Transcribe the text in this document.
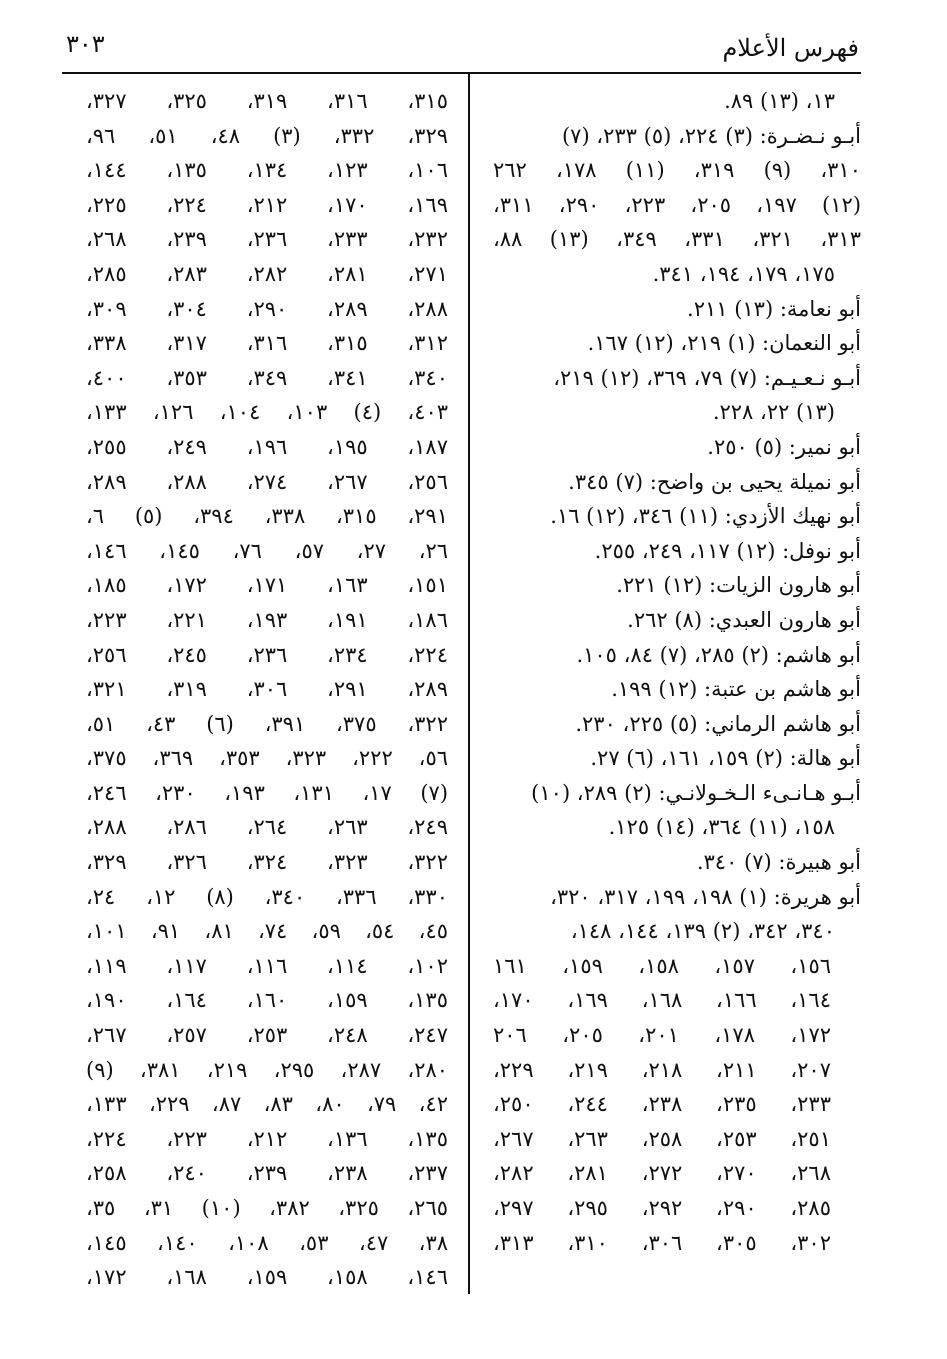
فهرس الأعلام
٣٠٣
١٣، (١٣) ٨٩.
أبـو نـضـرة: (٣) ٢٢٤، (٥) ٢٣٣، (٧)
٣١٠، (٩) ٣١٩، (١١) ١٧٨، ٢٦٢
(١٢) ١٩٧، ٢٠٥، ٢٢٣، ٢٩٠، ٣١١،
٣١٣، ٣٢١، ٣٣١، ٣٤٩، (١٣) ٨٨،
١٧٥، ١٧٩، ١٩٤، ٣٤١.
أبو نعامة: (١٣) ٢١١.
أبو النعمان: (١) ٢١٩، (١٢) ١٦٧.
أبـو نـعـيـم: (٧) ٧٩، ٣٦٩، (١٢) ٢١٩،
(١٣) ٢٢، ٢٢٨.
أبو نمير: (٥) ٢٥٠.
أبو نميلة يحيى بن واضح: (٧) ٣٤٥.
أبو نهيك الأزدي: (١١) ٣٤٦، (١٢) ١٦.
أبو نوفل: (١٢) ١١٧، ٢٤٩، ٢٥٥.
أبو هارون الزيات: (١٢) ٢٢١.
أبو هارون العبدي: (٨) ٢٦٢.
أبو هاشم: (٢) ٢٨٥، (٧) ٨٤، ١٠٥.
أبو هاشم بن عتبة: (١٢) ١٩٩.
أبو هاشم الرماني: (٥) ٢٢٥، ٢٣٠.
أبو هالة: (٢) ١٥٩، ١٦١، (٦) ٢٧.
أبـو هـانـىء الـخـولانـي: (٢) ٢٨٩، (١٠)
١٥٨، (١١) ٣٦٤، (١٤) ١٢٥.
أبو هبيرة: (٧) ٣٤٠.
أبو هريرة: (١) ١٩٨، ١٩٩، ٣١٧، ٣٢٠،
٣٤٠، ٣٤٢، (٢) ١٣٩، ١٤٤، ١٤٨،
١٥٦، ١٥٧، ١٥٨، ١٥٩، ١٦١
١٦٤، ١٦٦، ١٦٨، ١٦٩، ١٧٠،
١٧٢، ١٧٨، ٢٠١، ٢٠٥، ٢٠٦
٢٠٧، ٢١١، ٢١٨، ٢١٩، ٢٢٩،
٢٣٣، ٢٣٥، ٢٣٨، ٢٤٤، ٢٥٠،
٢٥١، ٢٥٣، ٢٥٨، ٢٦٣، ٢٦٧،
٢٦٨، ٢٧٠، ٢٧٢، ٢٨١، ٢٨٢،
٢٨٥، ٢٩٠، ٢٩٢، ٢٩٥، ٢٩٧،
٣٠٢، ٣٠٥، ٣٠٦، ٣١٠، ٣١٣،
٣١٥، ٣١٦، ٣١٩، ٣٢٥، ٣٢٧،
٣٢٩، ٣٣٢، (٣) ٤٨، ٥١، ٩٦،
١٠٦، ١٢٣، ١٣٤، ١٣٥، ١٤٤،
١٦٩، ١٧٠، ٢١٢، ٢٢٤، ٢٢٥،
٢٣٢، ٢٣٣، ٢٣٦، ٢٣٩، ٢٦٨،
٢٧١، ٢٨١، ٢٨٢، ٢٨٣، ٢٨٥،
٢٨٨، ٢٨٩، ٢٩٠، ٣٠٤، ٣٠٩،
٣١٢، ٣١٥، ٣١٦، ٣١٧، ٣٣٨،
٣٤٠، ٣٤١، ٣٤٩، ٣٥٣، ٤٠٠،
٤٠٣، (٤) ١٠٣، ١٠٤، ١٢٦، ١٣٣،
١٨٧، ١٩٥، ١٩٦، ٢٤٩، ٢٥٥،
٢٥٦، ٢٦٧، ٢٧٤، ٢٨٨، ٢٨٩،
٢٩١، ٣١٥، ٣٣٨، ٣٩٤، (٥) ٦،
٢٦، ٢٧، ٥٧، ٧٦، ١٤٥، ١٤٦،
١٥١، ١٦٣، ١٧١، ١٧٢، ١٨٥،
١٨٦، ١٩١، ١٩٣، ٢٢١، ٢٢٣،
٢٢٤، ٢٣٤، ٢٣٦، ٢٤٥، ٢٥٦،
٢٨٩، ٢٩١، ٣٠٦، ٣١٩، ٣٢١،
٣٢٢، ٣٧٥، ٣٩١، (٦) ٤٣، ٥١،
٥٦، ٢٢٢، ٣٢٣، ٣٥٣، ٣٦٩، ٣٧٥،
(٧) ١٧، ١٣١، ١٩٣، ٢٣٠، ٢٤٦،
٢٤٩، ٢٦٣، ٢٦٤، ٢٨٦، ٢٨٨،
٣٢٢، ٣٢٣، ٣٢٤، ٣٢٦، ٣٢٩،
٣٣٠، ٣٣٦، ٣٤٠، (٨) ١٢، ٢٤،
٤٥، ٥٤، ٥٩، ٧٤، ٨١، ٩١، ١٠١،
١٠٢، ١١٤، ١١٦، ١١٧، ١١٩،
١٣٥، ١٥٩، ١٦٠، ١٦٤، ١٩٠،
٢٤٧، ٢٤٨، ٢٥٣، ٢٥٧، ٢٦٧،
٢٨٠، ٢٨٧، ٢٩٥، ٢١٩، ٣٨١، (٩)
٤٢، ٧٩، ٨٠، ٨٣، ٨٧، ٢٢٩، ١٣٣،
١٣٥، ١٣٦، ٢١٢، ٢٢٣، ٢٢٤،
٢٣٧، ٢٣٨، ٢٣٩، ٢٤٠، ٢٥٨،
٢٦٥، ٣٢٥، ٣٨٢، (١٠) ٣١، ٣٥،
٣٨، ٤٧، ٥٣، ١٠٨، ١٤٠، ١٤٥،
١٤٦، ١٥٨، ١٥٩، ١٦٨، ١٧٢،
